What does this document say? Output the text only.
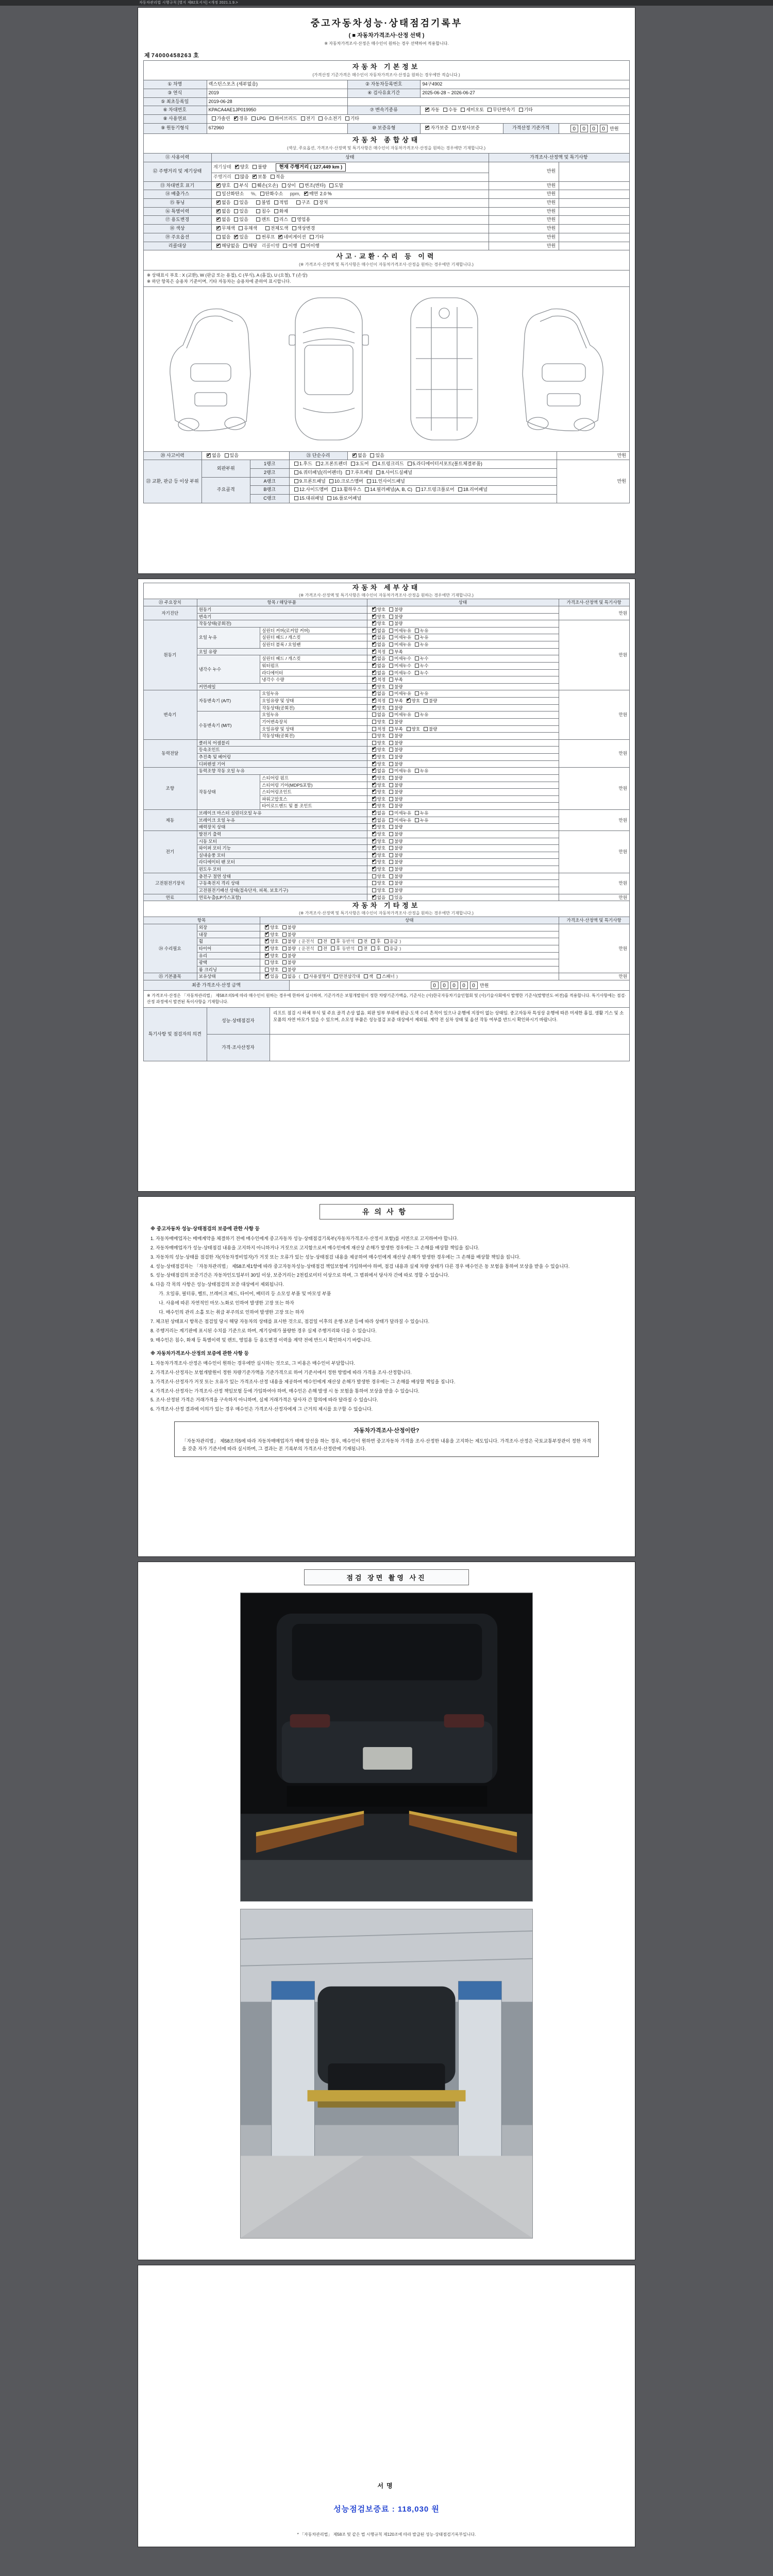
자동차관리법 시행규칙 [별지 제82호서식] <개정 2021.1.9.>
중고자동차성능·상태점검기록부
( ■ 자동차가격조사·산정 선택 )
※ 자동차가격조사·산정은 매수인이 원하는 경우 선택하여 적용합니다.
제 74000458263 호
자동차 기본정보
(가격산정 기준가격은 매수인이 자동차가격조사·산정을 원하는 경우에만 적습니다.)					

① 차명	렉스턴스포츠 (세부없음)	② 자동차등록번호	94구4902		
③ 연식	2019	④ 검사유효기간	2025-06-28 ~ 2026-06-27		
⑤ 최초등록일	2019-06-28				
⑥ 차대번호	KPACA4AE1JP019950	⑦ 변속기종류	✔자동 수동 세미오토 무단변속기 기타
⑧ 사용연료	가솔린 ✔ 경유 LPG 하이브리드 전기 수소전기 기타
⑨ 원동기형식	672960	⑩ 보증유형	✔자가보증 보험사보증	가격산정 기준가격	0 0 0 0 만원
자동차 종합상태
(색상, 주요옵션, 가격조사·산정액 및 특기사항은 매수인이 자동차가격조사·산정을 원하는 경우에만 기재합니다.)			

⑪ 사용이력	상태	가격조사·산정액 및 특기사항	
⑫ 주행거리 및 계기상태	계기상태 ✔ 양호 불량 현재 주행거리 ( 127,449 km )	만원	
	주행거리 많음 ✔ 보통 적음
⑬ 차대번호 표기	✔양호 부식 훼손(오손) 상이 변조(변타) 도말	만원	
⑭ 배출가스	일산화탄소     %, 탄화수소     ppm, ✔ 매연 2.0 %	만원	
⑮ 튜닝	✔없음 있음 불법 적법 구조 장치	만원	
⑯ 특별이력	✔없음 있음 침수 화재	만원	
⑰ 용도변경	✔없음 있음 렌트 리스 영업용	만원	
⑱ 색상	✔무채색 유채색 전체도색 색상변경	만원	
⑲ 주요옵션	없음 ✔ 있음 썬루프 ✔ 네비게이션 기타	만원	
리콜대상	✔해당없음 해당   리콜이행 이행 미이행	만원	
사고·교환·수리 등 이력
(※ 가격조사·산정액 및 특기사항은 매수인이 자동차가격조사·산정을 원하는 경우에만 기재합니다.)

※ 상태표시 부호 : X (교환), W (판금 또는 용접), C (부식), A (흠집), U (요철), T (손상)
※ 하단 항목은 승용차 기준이며, 기타 자동차는 승용차에 준하여 표시합니다.

⑳ 사고이력	✔없음 있음	㉑ 단순수리	✔없음 있음	만원
㉒ 교환, 판금 등 이상 부위	외판부위	1랭크	1.후드 2.프론트펜더 3.도어 4.트렁크리드 5.라디에이터서포트(볼트체결부품)	만원
		2랭크	6.쿼터패널(리어펜더) 7.루프패널 8.사이드실패널	
	주요골격	A랭크	9.프론트패널 10.크로스멤버 11.인사이드패널	
		B랭크	12.사이드멤버 13.휠하우스 14.필러패널(A, B, C) 17.트렁크플로어 18.리어패널	
		C랭크	15.대쉬패널 16.플로어패널	
자동차 세부상태
(※ 가격조사·산정액 및 특기사항은 매수인이 자동차가격조사·산정을 원하는 경우에만 기재합니다.)				

㉓ 주요장치	항목 / 해당부품		상태	가격조사·산정액 및 특기사항
자기진단	원동기	✔양호 불량	만원
	변속기	✔양호 불량
원동기	작동상태(공회전)	✔양호 불량	만원
	오일 누유	실린더 커버(로커암 커버)	✔없음 미세누유 누유
		실린더 헤드 / 개스킷	✔없음 미세누유 누유
		실린더 블록 / 오일팬	✔없음 미세누유 누유
	오일 유량	✔적정 부족
	냉각수 누수	실린더 헤드 / 개스킷	✔없음 미세누수 누수
		워터펌프	✔없음 미세누수 누수
		라디에이터	✔없음 미세누수 누수
		냉각수 수량	✔적정 부족
	커먼레일	✔양호 불량
변속기	자동변속기 (A/T)	오일누유	✔없음 미세누유 누유	만원
		오일유량 및 상태	✔적정 부족 ✔ 양호 불량
		작동상태(공회전)	✔양호 불량
	수동변속기 (M/T)	오일누유	없음 미세누유 누유	
		기어변속장치	양호 불량	
		오일유량 및 상태	적정 부족 양호 불량	
		작동상태(공회전)	양호 불량	
동력전달	클러치 어셈블리		양호 불량	만원
	등속조인트	✔양호 불량
	추진축 및 베어링	✔양호 불량
	디퍼렌셜 기어	✔양호 불량
조향	동력조향 작동 오일 누유	✔없음 미세누유 누유	만원
	작동상태	스티어링 펌프	✔양호 불량
		스티어링 기어(MDPS포함)	✔양호 불량
		스티어링조인트	✔양호 불량
		파워고압호스	✔양호 불량
		타이로드엔드 및 볼 조인트	✔양호 불량
제동	브레이크 마스터 실린더오일 누유	✔없음 미세누유 누유	만원
	브레이크 오일 누유	✔없음 미세누유 누유
	배력장치 상태	✔양호 불량
전기	발전기 출력	✔양호 불량	만원
	시동 모터	✔양호 불량
	와이퍼 모터 기능	✔양호 불량
	실내송풍 모터	✔양호 불량
	라디에이터 팬 모터	✔양호 불량
	윈도우 모터	✔양호 불량
고전원전기장치	충전구 절연 상태		양호 불량	만원
	구동축전지 격리 상태		양호 불량	
	고전원전기배선 상태(접속단자, 피복, 보호기구)		양호 불량	
연료	연료누출(LP가스포함)	✔없음 있음	만원
자동차 기타정보
(※ 가격조사·산정액 및 특기사항은 매수인이 자동차가격조사·산정을 원하는 경우에만 기재합니다.)			

항목		상태	가격조사·산정액 및 특기사항
㉔ 수리필요	외장	✔양호 불량	만원
	내장	✔양호 불량
	휠	✔양호 불량  ( 운전석 전 후 동반석 전 후 응급 )
	타이어	✔양호 불량  ( 운전석 전 후 동반석 전 후 응급 )
	유리	✔양호 불량
	광택	양호 불량	
	룸 크리닝	양호 불량	
㉕ 기본품목	보유상태	✔있음 없음  ( 사용설명서 안전삼각대 잭 스패너 )	만원
최종 가격조사·산정 금액	0 0 0 0 0 만원
※ 가격조사·산정은 「자동차관리법」 제58조의5에 따라 매수인이 원하는 경우에 한하여 실시하며, 기준가격은 보험개발원이 정한 차량기준가액을, 기준서는 (사)한국자동차기술인협회 및 (사)기술사회에서 발행한 기준서(발행연도·버전)를 적용합니다. 특기사항에는 점검·산정 과정에서 발견된 특이사항을 기재합니다.
특기사항 및 점검자의 의견	성능·상태점검자	리프트 점검 시 하체 부식 및 주요 골격 손상 없음. 외판 일부 부위에 판금·도색 수리 흔적이 있으나 운행에 지장이 없는 상태임. 중고자동차 특성상 운행에 따른 미세한 흠집, 생활 기스 및 소모품의 자연 마모가 있을 수 있으며, 소모성 부품은 성능점검 보증 대상에서 제외됨. 계약 전 실차 상태 및 옵션 작동 여부를 반드시 확인하시기 바랍니다.
	가격·조사산정자	
유의사항

※ 중고자동차 성능·상태점검의 보증에 관한 사항 등

1. 자동차매매업자는 매매계약을 체결하기 전에 매수인에게 중고자동차 성능·상태점검기록부(자동차가격조사·산정서 포함)를 서면으로 고지하여야 합니다.

2. 자동차매매업자가 성능·상태점검 내용을 고지하지 아니하거나 거짓으로 고지함으로써 매수인에게 재산상 손해가 발생한 경우에는 그 손해를 배상할 책임을 집니다.

3. 자동차의 성능·상태를 점검한 자(자동차정비업자)가 거짓 또는 오류가 있는 성능·상태점검 내용을 제공하여 매수인에게 재산상 손해가 발생한 경우에는 그 손해를 배상할 책임을 집니다.

4. 성능·상태점검자는 「자동차관리법」 제58조제1항에 따라 중고자동차성능·상태점검 책임보험에 가입하여야 하며, 점검 내용과 실제 차량 상태가 다른 경우 매수인은 동 보험을 통하여 보상을 받을 수 있습니다.

5. 성능·상태점검의 보증기간은 자동차인도일부터 30일 이상, 보증거리는 2천킬로미터 이상으로 하며, 그 범위에서 당사자 간에 따로 정할 수 있습니다.

6. 다음 각 목의 사항은 성능·상태점검의 보증 대상에서 제외됩니다.

가. 오일류, 필터류, 벨트, 브레이크 패드, 타이어, 배터리 등 소모성 부품 및 마모성 부품

나. 사용에 따른 자연적인 마모·노화로 인하여 발생한 고장 또는 하자

다. 매수인의 관리 소홀 또는 취급 부주의로 인하여 발생한 고장 또는 하자

7. 체크된 상태표시 항목은 점검일 당시 해당 자동차의 상태를 표시한 것으로, 점검일 이후의 운행·보관 등에 따라 상태가 달라질 수 있습니다.

8. 주행거리는 계기판에 표시된 수치를 기준으로 하며, 계기상태가 불량한 경우 실제 주행거리와 다를 수 있습니다.

9. 매수인은 침수, 화재 등 특별이력 및 렌트, 영업용 등 용도변경 이력을 계약 전에 반드시 확인하시기 바랍니다.

※ 자동차가격조사·산정의 보증에 관한 사항 등

1. 자동차가격조사·산정은 매수인이 원하는 경우에만 실시하는 것으로, 그 비용은 매수인이 부담합니다.

2. 가격조사·산정자는 보험개발원이 정한 차량기준가액을 기준가격으로 하여 기준서에서 정한 방법에 따라 가격을 조사·산정합니다.

3. 가격조사·산정자가 거짓 또는 오류가 있는 가격조사·산정 내용을 제공하여 매수인에게 재산상 손해가 발생한 경우에는 그 손해를 배상할 책임을 집니다.

4. 가격조사·산정자는 가격조사·산정 책임보험 등에 가입하여야 하며, 매수인은 손해 발생 시 동 보험을 통하여 보상을 받을 수 있습니다.

5. 조사·산정된 가격은 거래가격을 구속하지 아니하며, 실제 거래가격은 당사자 간 합의에 따라 달라질 수 있습니다.

6. 가격조사·산정 결과에 이의가 있는 경우 매수인은 가격조사·산정자에게 그 근거의 제시를 요구할 수 있습니다.

자동차가격조사·산정이란?
「자동차관리법」 제58조의5에 따라 자동차매매업자가 매매 알선을 하는 경우, 매수인이 원하면 중고자동차 가격을 조사·산정한 내용을 고지하는 제도입니다. 가격조사·산정은 국토교통부장관이 정한 자격을 갖춘 자가 기준서에 따라 실시하며, 그 결과는 본 기록부의 가격조사·산정란에 기재됩니다.
점검 장면 촬영 사진
서명
성능점검보증료 : 118,030 원
* 「자동차관리법」 제58조 및 같은 법 시행규칙 제120조에 따라 발급된 성능·상태점검기록부입니다.
